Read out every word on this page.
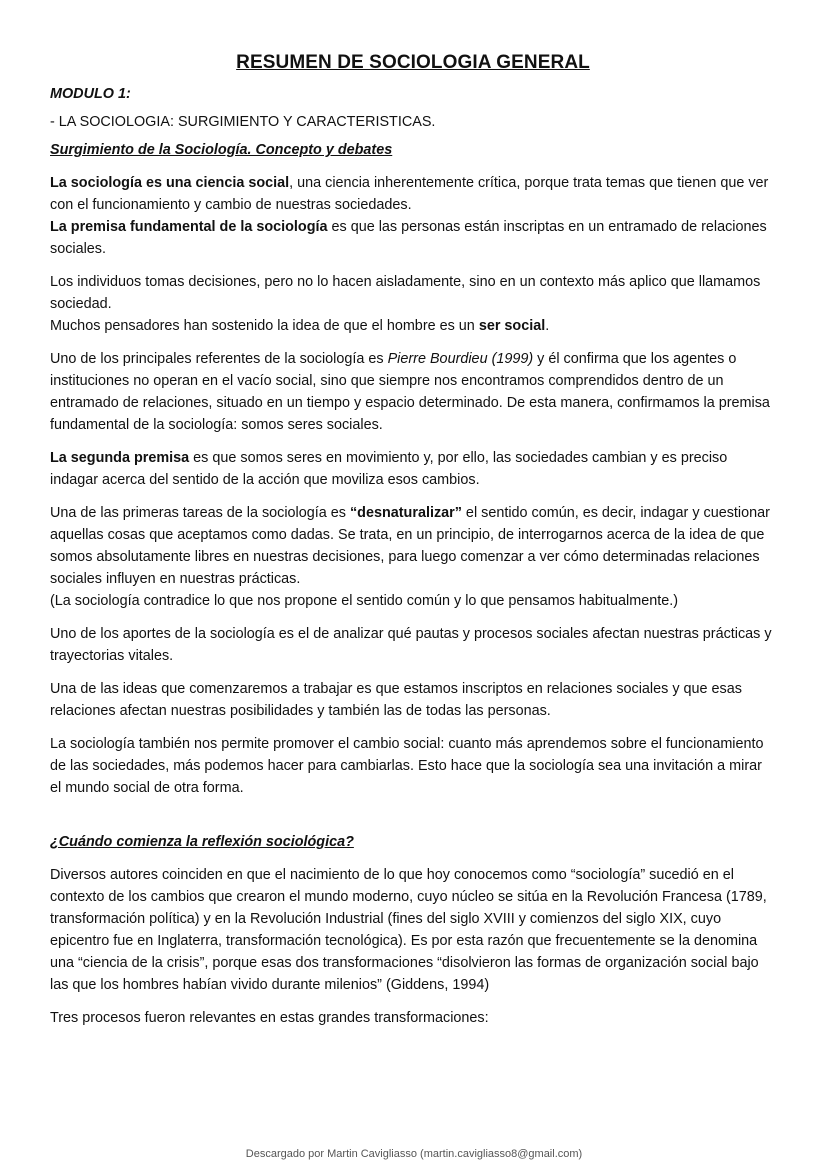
RESUMEN DE SOCIOLOGIA GENERAL
MODULO 1:
- LA SOCIOLOGIA: SURGIMIENTO Y CARACTERISTICAS.
Surgimiento de la Sociología. Concepto y debates

La sociología es una ciencia social, una ciencia inherentemente crítica, porque trata temas que tienen que ver con el funcionamiento y cambio de nuestras sociedades.
La premisa fundamental de la sociología es que las personas están inscriptas en un entramado de relaciones sociales.

Los individuos tomas decisiones, pero no lo hacen aisladamente, sino en un contexto más aplico que llamamos sociedad.
Muchos pensadores han sostenido la idea de que el hombre es un ser social.

Uno de los principales referentes de la sociología es Pierre Bourdieu (1999) y él confirma que los agentes o instituciones no operan en el vacío social, sino que siempre nos encontramos comprendidos dentro de un entramado de relaciones, situado en un tiempo y espacio determinado. De esta manera, confirmamos la premisa fundamental de la sociología: somos seres sociales.

La segunda premisa es que somos seres en movimiento y, por ello, las sociedades cambian y es preciso indagar acerca del sentido de la acción que moviliza esos cambios.

Una de las primeras tareas de la sociología es “desnaturalizar” el sentido común, es decir, indagar y cuestionar aquellas cosas que aceptamos como dadas. Se trata, en un principio, de interrogarnos acerca de la idea de que somos absolutamente libres en nuestras decisiones, para luego comenzar a ver cómo determinadas relaciones sociales influyen en nuestras prácticas.
(La sociología contradice lo que nos propone el sentido común y lo que pensamos habitualmente.)

Uno de los aportes de la sociología es el de analizar qué pautas y procesos sociales afectan nuestras prácticas y trayectorias vitales.

Una de las ideas que comenzaremos a trabajar es que estamos inscriptos en relaciones sociales y que esas relaciones afectan nuestras posibilidades y también las de todas las personas.

La sociología también nos permite promover el cambio social: cuanto más aprendemos sobre el funcionamiento de las sociedades, más podemos hacer para cambiarlas. Esto hace que la sociología sea una invitación a mirar el mundo social de otra forma.

¿Cuándo comienza la reflexión sociológica?

Diversos autores coinciden en que el nacimiento de lo que hoy conocemos como “sociología” sucedió en el contexto de los cambios que crearon el mundo moderno, cuyo núcleo se sitúa en la Revolución Francesa (1789, transformación política) y en la Revolución Industrial (fines del siglo XVIII y comienzos del siglo XIX, cuyo epicentro fue en Inglaterra, transformación tecnológica). Es por esta razón que frecuentemente se la denomina una “ciencia de la crisis”, porque esas dos transformaciones “disolvieron las formas de organización social bajo las que los hombres habían vivido durante milenios” (Giddens, 1994)

Tres procesos fueron relevantes en estas grandes transformaciones:

Descargado por Martin Cavigliasso (martin.cavigliasso8@gmail.com)
